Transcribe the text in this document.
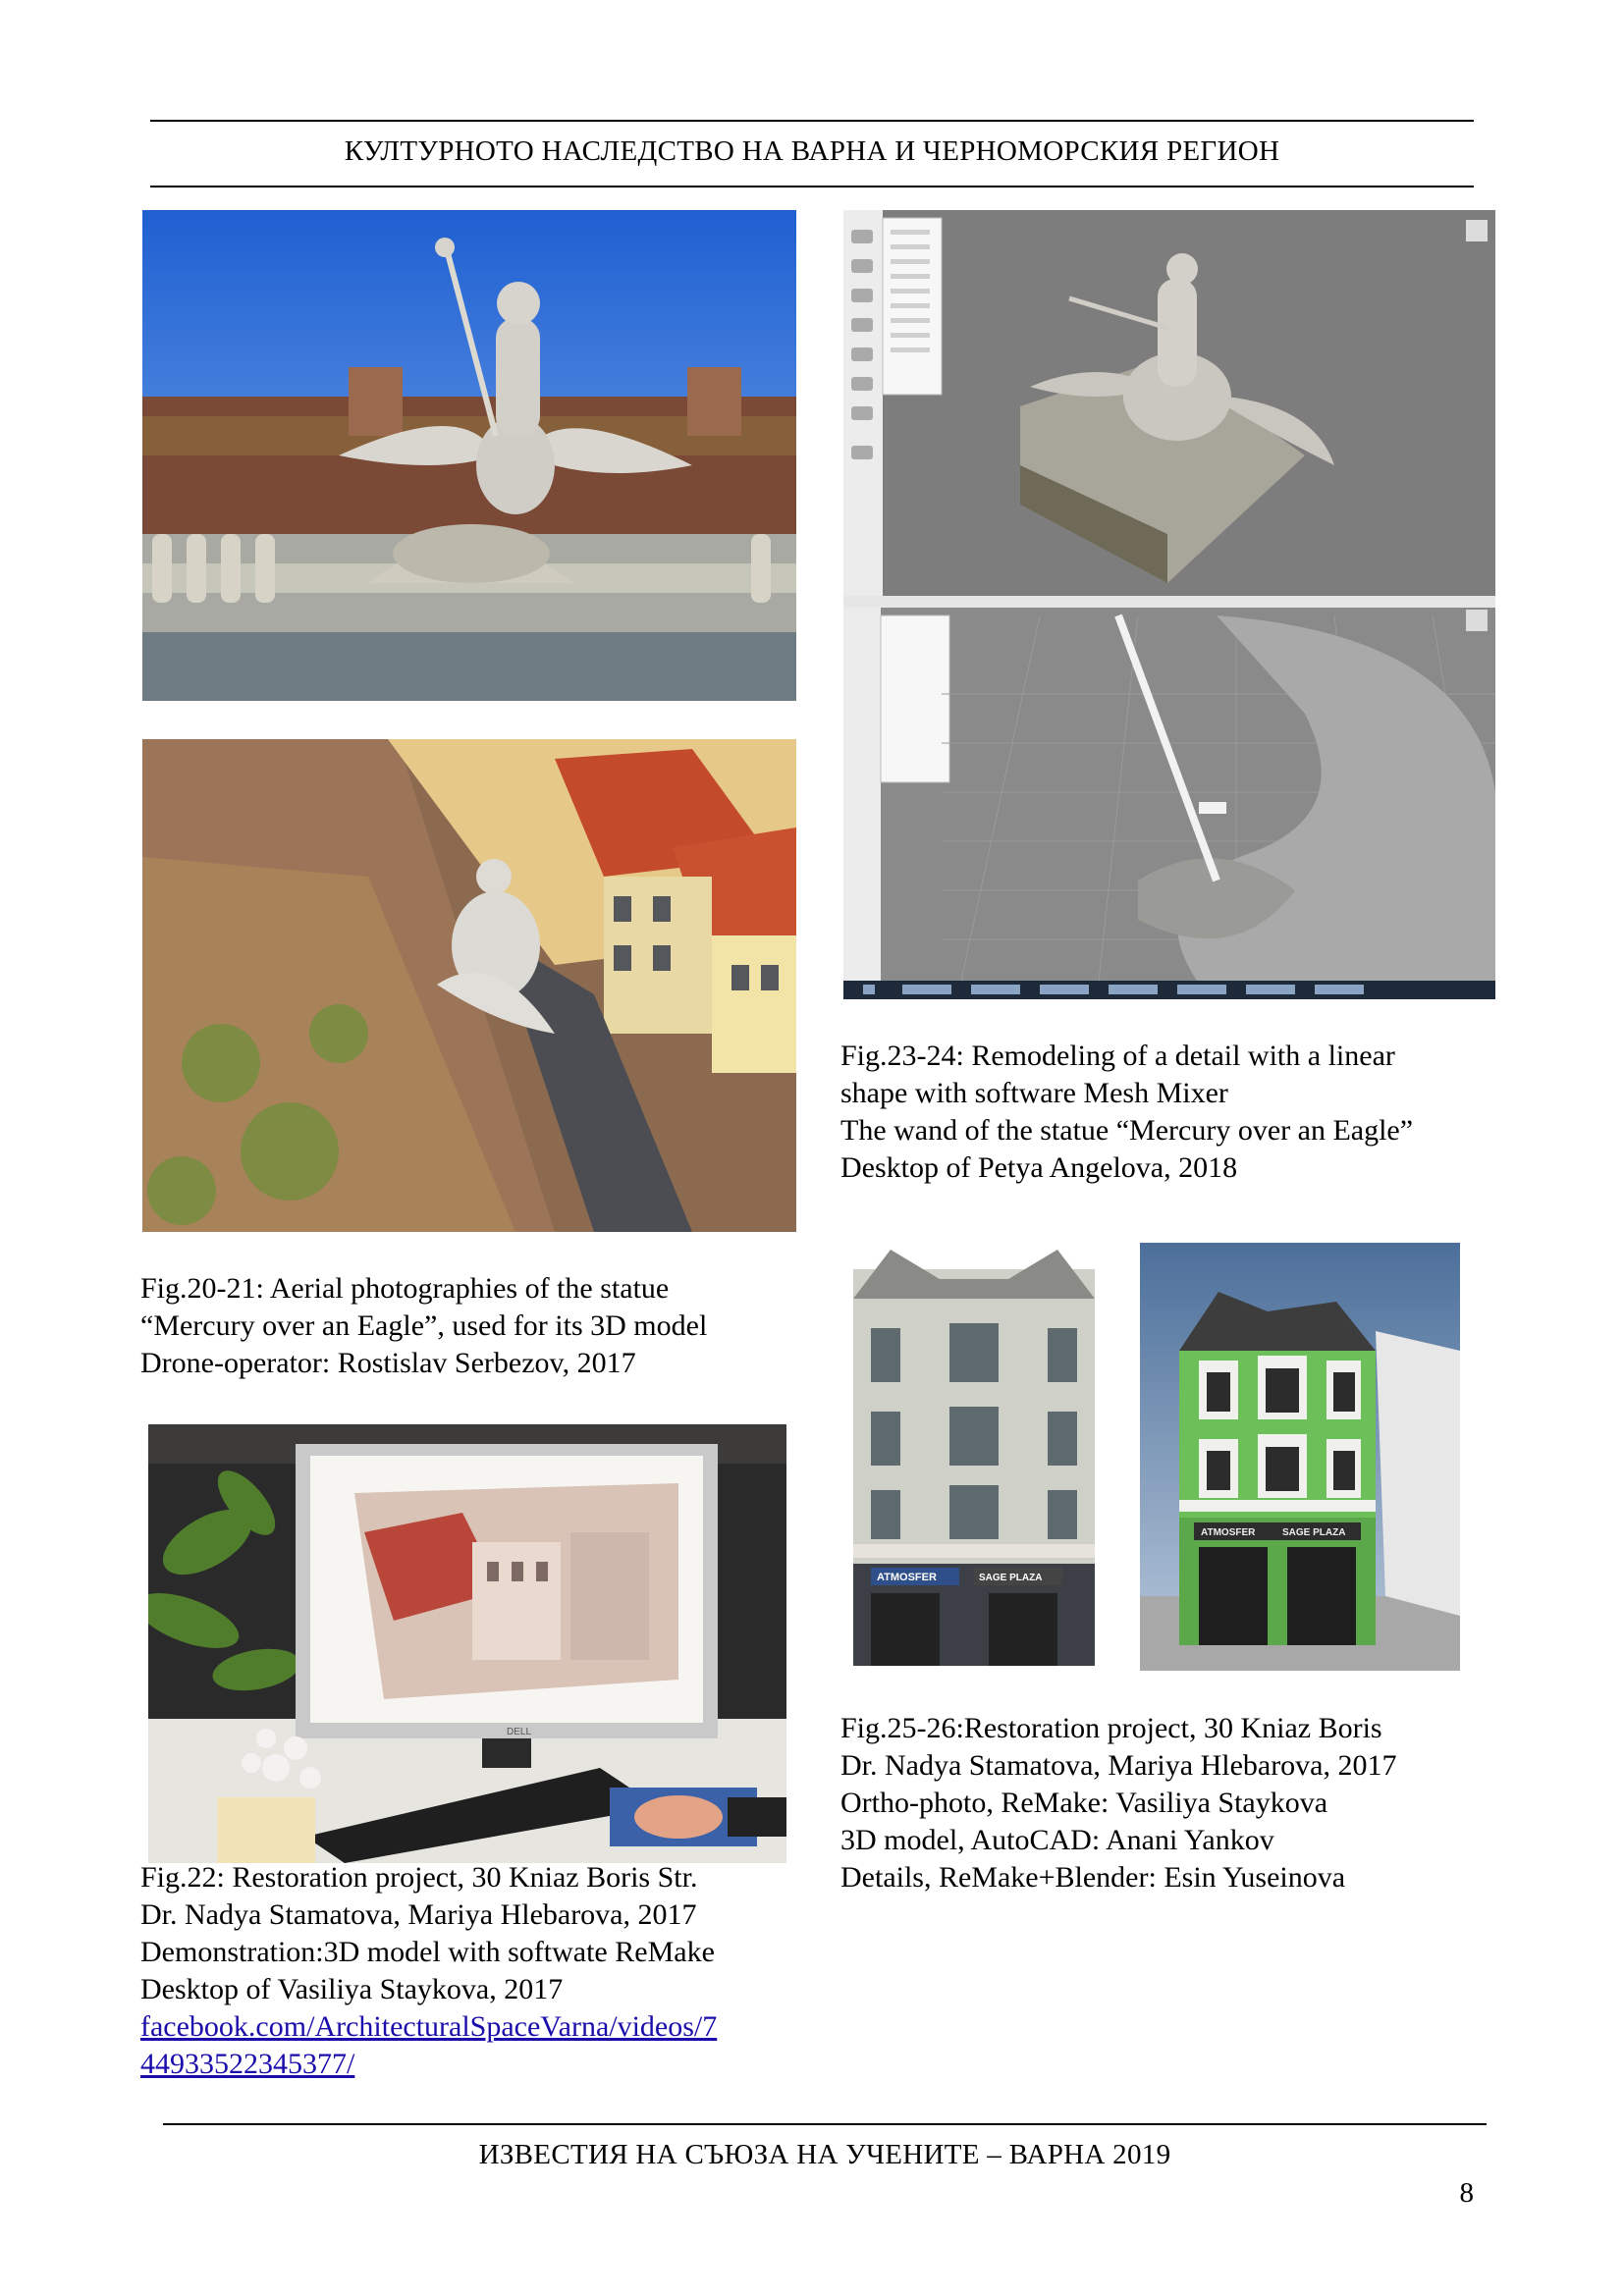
КУЛТУРНОТО НАСЛЕДСТВО НА ВАРНА И ЧЕРНОМОРСКИЯ РЕГИОН
Fig.20-21: Aerial photographies of the statue
“Mercury over an Eagle”, used for its 3D model
Drone-operator: Rostislav Serbezov, 2017
DELL
Fig.22: Restoration project, 30 Kniaz Boris Str.
Dr. Nadya Stamatova, Mariya Hlebarova, 2017
Demonstration:3D model with softwate ReMake
Desktop of Vasiliya Staykova, 2017
facebook.com/ArchitecturalSpaceVarna/videos/7
44933522345377/
Fig.23-24: Remodeling of a detail with a linear
shape with software Mesh Mixer
The wand of the statue “Mercury over an Eagle”
Desktop of Petya Angelova, 2018
ATMOSFER	SAGE PLAZA
ATMOSFER	SAGE PLAZA
Fig.25-26:Restoration project, 30 Kniaz Boris
Dr. Nadya Stamatova, Mariya Hlebarova, 2017
Ortho-photo, ReMake: Vasiliya Staykova
3D model, AutoCAD: Anani Yankov
Details, ReMake+Blender: Esin Yuseinova
ИЗВЕСТИЯ НА СЪЮЗА НА УЧЕНИТЕ – ВАРНА 2019
8
